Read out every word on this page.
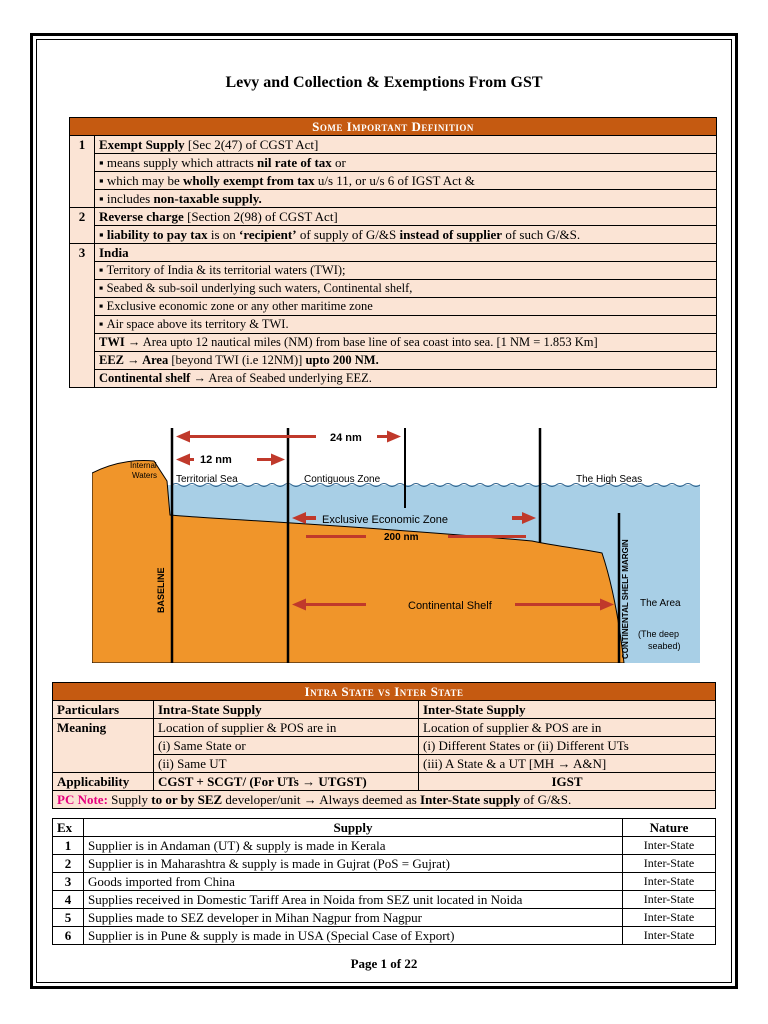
Levy and Collection & Exemptions From GST
Some Important Definition	
1	Exempt Supply [Sec 2(47) of CGST Act]
	▪ means supply which attracts nil rate of tax or
	▪ which may be wholly exempt from tax u/s 11, or u/s 6 of IGST Act &
	▪ includes non-taxable supply.
2	Reverse charge [Section 2(98) of CGST Act]
	▪ liability to pay tax is on ‘recipient’ of supply of G/&S instead of supplier of such G/&S.
3	India
	▪ Territory of India & its territorial waters (TWI);
	▪ Seabed & sub-soil underlying such waters, Continental shelf,
	▪ Exclusive economic zone or any other maritime zone
	▪ Air space above its territory & TWI.
	TWI → Area upto 12 nautical miles (NM) from base line of sea coast into sea. [1 NM = 1.853 Km]
	EEZ → Area [beyond TWI (i.e 12NM)] upto 200 NM.
	Continental shelf → Area of Seabed underlying EEZ.
24 nm
12 nm
Internal
Waters Territorial Sea	Contiguous Zone	The High Seas
Exclusive Economic Zone
200 nm
BASELINE	Continental Shelf	CONTINENTAL SHELF MARGIN The Area
(The deep
seabed)
Intra State vs Inter State		
Particulars	Intra-State Supply	Inter-State Supply
Meaning	Location of supplier & POS are in	Location of supplier & POS are in
	(i) Same State or	(i) Different States or (ii) Different UTs
	(ii) Same UT	(iii) A State & a UT [MH → A&N]
Applicability	CGST + SCGT/ (For UTs → UTGST)	IGST
PC Note: Supply to or by SEZ developer/unit → Always deemed as Inter-State supply of G/&S.		
Ex	Supply	Nature
1	Supplier is in Andaman (UT) & supply is made in Kerala	Inter-State
2	Supplier is in Maharashtra & supply is made in Gujrat (PoS = Gujrat)	Inter-State
3	Goods imported from China	Inter-State
4	Supplies received in Domestic Tariff Area in Noida from SEZ unit located in Noida	Inter-State
5	Supplies made to SEZ developer in Mihan Nagpur from Nagpur	Inter-State
6	Supplier is in Pune & supply is made in USA (Special Case of Export)	Inter-State
Page 1 of 22
